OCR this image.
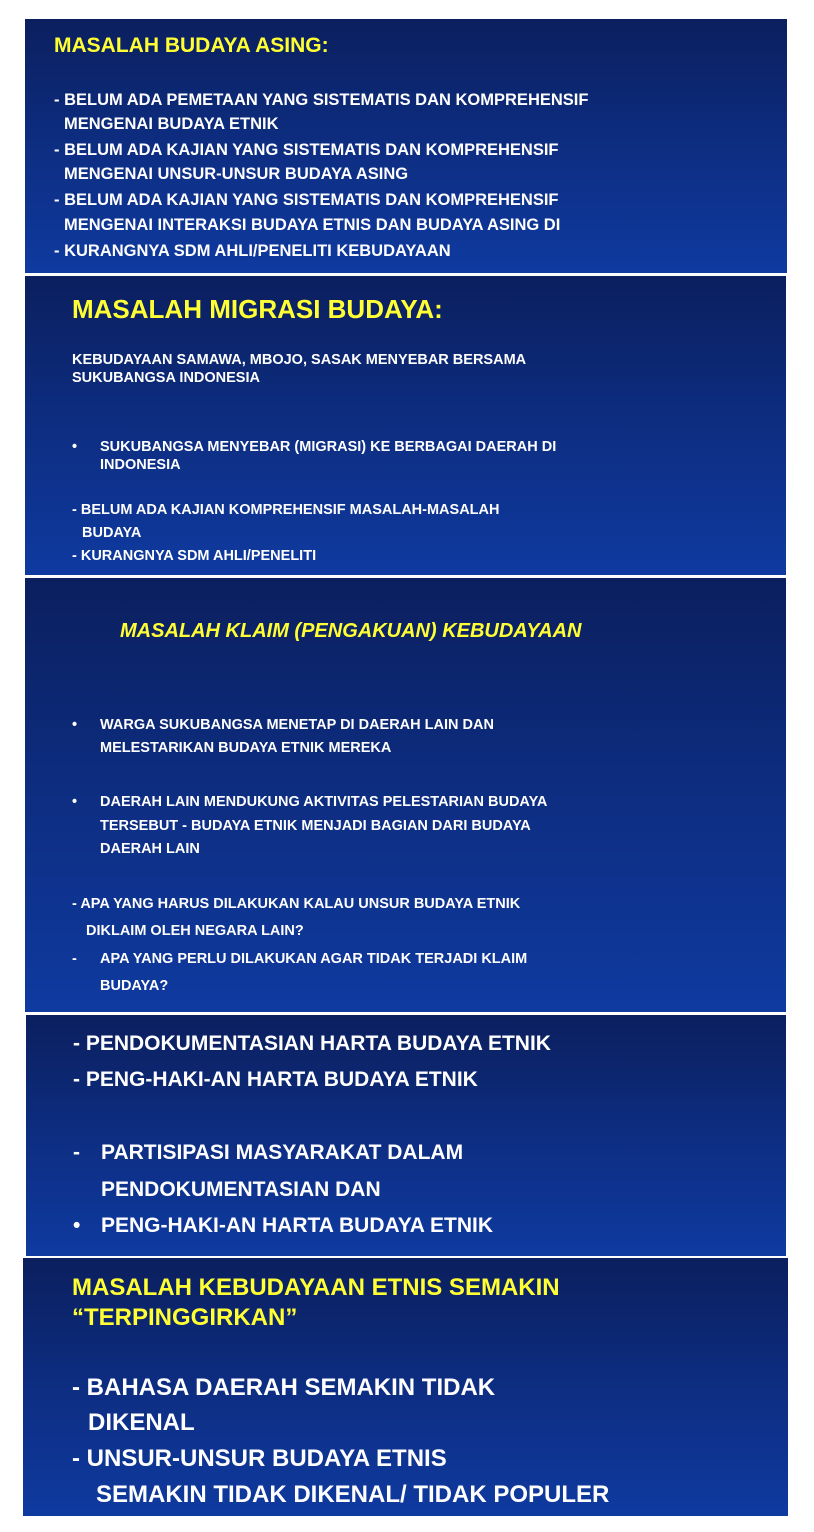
MASALAH BUDAYA ASING:
- BELUM ADA PEMETAAN YANG SISTEMATIS DAN KOMPREHENSIF
MENGENAI BUDAYA ETNIK
- BELUM ADA KAJIAN YANG SISTEMATIS DAN KOMPREHENSIF
MENGENAI UNSUR-UNSUR BUDAYA ASING
- BELUM ADA KAJIAN YANG SISTEMATIS DAN KOMPREHENSIF
MENGENAI INTERAKSI BUDAYA ETNIS DAN BUDAYA ASING DI
- KURANGNYA SDM AHLI/PENELITI KEBUDAYAAN
MASALAH MIGRASI BUDAYA:
KEBUDAYAAN SAMAWA, MBOJO, SASAK MENYEBAR BERSAMA
SUKUBANGSA INDONESIA
• SUKUBANGSA MENYEBAR (MIGRASI) KE BERBAGAI DAERAH DI
INDONESIA
- BELUM ADA KAJIAN KOMPREHENSIF MASALAH-MASALAH
BUDAYA
- KURANGNYA SDM AHLI/PENELITI
MASALAH KLAIM (PENGAKUAN) KEBUDAYAAN
• WARGA SUKUBANGSA MENETAP DI DAERAH LAIN DAN
MELESTARIKAN BUDAYA ETNIK MEREKA
• DAERAH LAIN MENDUKUNG AKTIVITAS PELESTARIAN BUDAYA
TERSEBUT - BUDAYA ETNIK MENJADI BAGIAN DARI BUDAYA
DAERAH LAIN
- APA YANG HARUS DILAKUKAN KALAU UNSUR BUDAYA ETNIK
DIKLAIM OLEH NEGARA LAIN?
- APA YANG PERLU DILAKUKAN AGAR TIDAK TERJADI KLAIM
BUDAYA?
- PENDOKUMENTASIAN HARTA BUDAYA ETNIK
- PENG-HAKI-AN HARTA BUDAYA ETNIK
- PARTISIPASI MASYARAKAT DALAM
PENDOKUMENTASIAN DAN
• PENG-HAKI-AN HARTA BUDAYA ETNIK
MASALAH KEBUDAYAAN ETNIS SEMAKIN
“TERPINGGIRKAN”
- BAHASA DAERAH SEMAKIN TIDAK
DIKENAL
- UNSUR-UNSUR BUDAYA ETNIS
SEMAKIN TIDAK DIKENAL/ TIDAK POPULER
